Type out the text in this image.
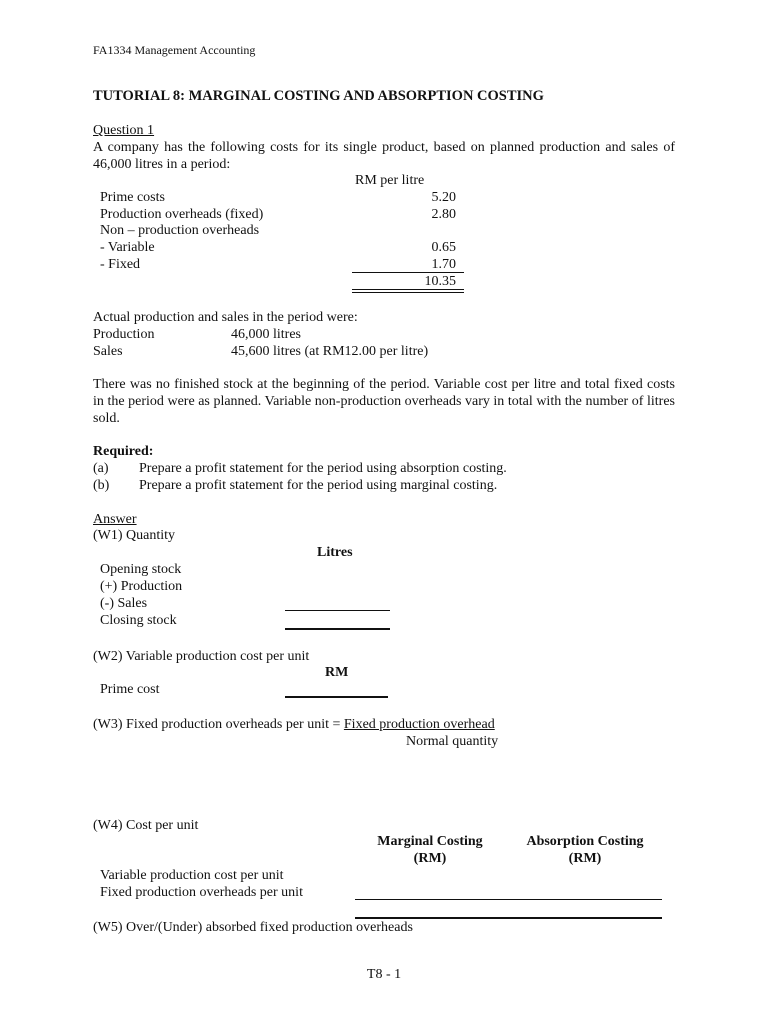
FA1334 Management Accounting
TUTORIAL 8: MARGINAL COSTING AND ABSORPTION COSTING
Question 1
A company has the following costs for its single product, based on planned production and sales of 46,000 litres in a period:
RM per litre
Prime costs	5.20
Production overheads (fixed)	2.80
Non – production overheads
- Variable	0.65
- Fixed	1.70
10.35
Actual production and sales in the period were:
Production	46,000 litres
Sales	45,600 litres (at RM12.00 per litre)
There was no finished stock at the beginning of the period. Variable cost per litre and total fixed costs in the period were as planned. Variable non-production overheads vary in total with the number of litres sold.
Required:
(a) Prepare a profit statement for the period using absorption costing.
(b) Prepare a profit statement for the period using marginal costing.
Answer
(W1) Quantity
Litres
Opening stock
(+) Production
(-) Sales
Closing stock
(W2) Variable production cost per unit
RM
Prime cost
(W3) Fixed production overheads per unit = Fixed production overhead
Normal quantity
(W4) Cost per unit
Marginal Costing
(RM)
Absorption Costing
(RM)
Variable production cost per unit
Fixed production overheads per unit
(W5) Over/(Under) absorbed fixed production overheads
T8 - 1
